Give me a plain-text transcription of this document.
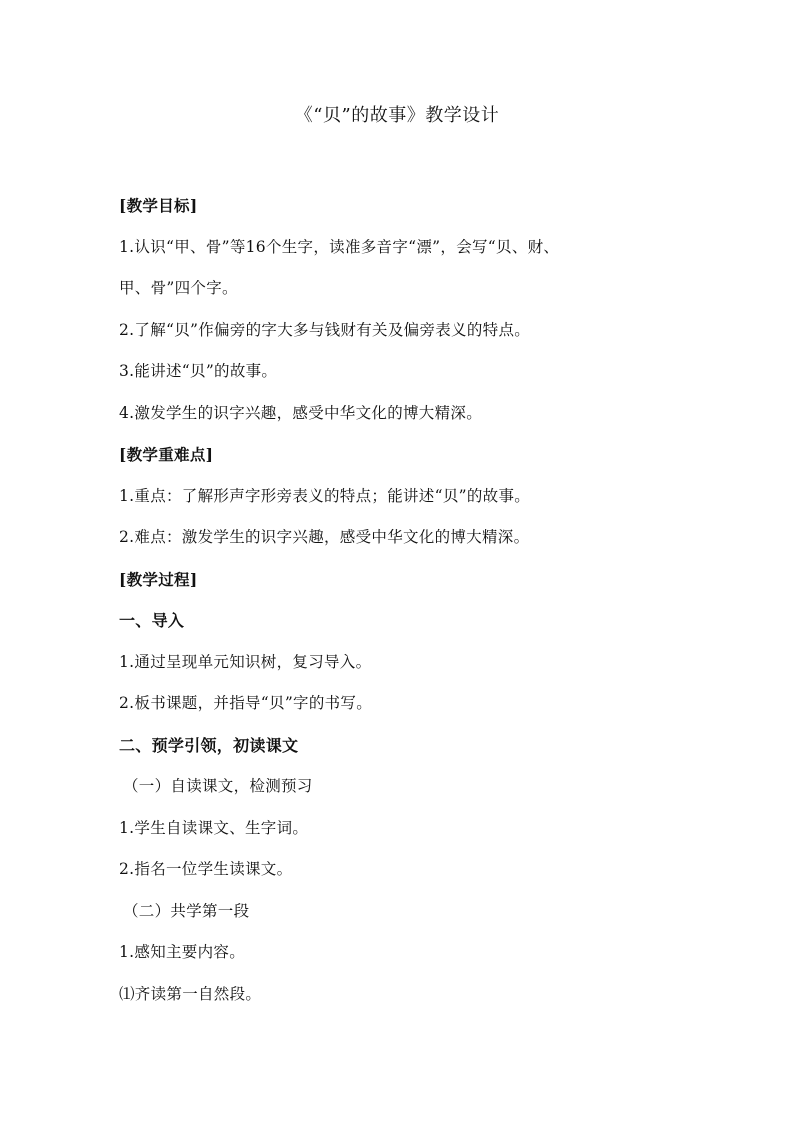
《“贝”的故事》教学设计
[教学目标]
1.认识“甲、骨”等16个生字，读准多音字“漂”，会写“贝、财、
甲、骨”四个字。
2.了解“贝”作偏旁的字大多与钱财有关及偏旁表义的特点。
3.能讲述“贝”的故事。
4.激发学生的识字兴趣，感受中华文化的博大精深。
[教学重难点]
1.重点：了解形声字形旁表义的特点；能讲述“贝”的故事。
2.难点：激发学生的识字兴趣，感受中华文化的博大精深。
[教学过程]
一、导入
1.通过呈现单元知识树，复习导入。
2.板书课题，并指导“贝”字的书写。
二、预学引领，初读课文
（一）自读课文，检测预习
1.学生自读课文、生字词。
2.指名一位学生读课文。
（二）共学第一段
1.感知主要内容。
⑴齐读第一自然段。
